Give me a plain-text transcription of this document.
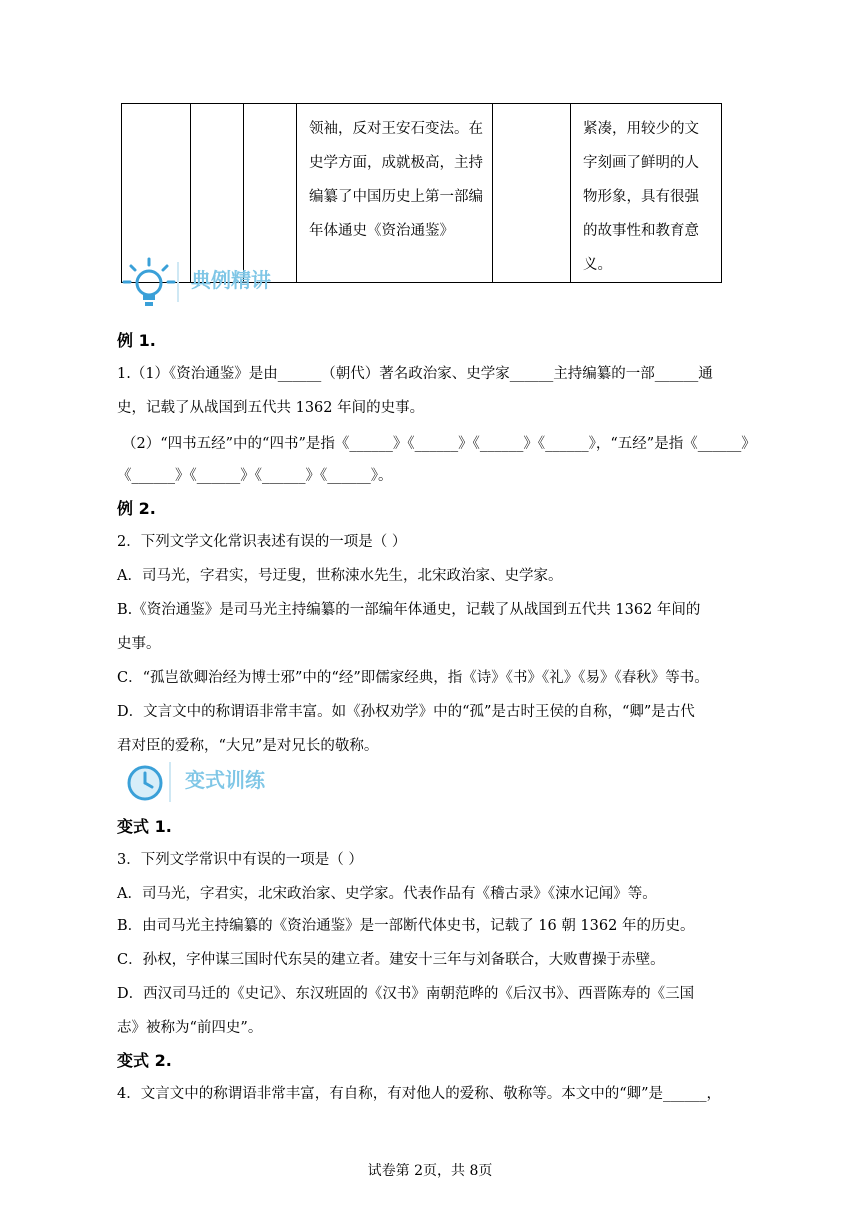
			领袖，反对王安石变法。在史学方面，成就极高，主持编纂了中国历史上第一部编年体通史《资治通鉴》		紧凑，用较少的文字刻画了鲜明的人物形象，具有很强的故事性和教育意义。
典例精讲
例 1.
1.（1）《资治通鉴》是由______（朝代）著名政治家、史学家______主持编纂的一部______通
史，记载了从战国到五代共 1362 年间的史事。
（2）“四书五经”中的“四书”是指《______》《______》《______》《______》，“五经”是指《______》
《______》《______》《______》《______》。
例 2.
2．下列文学文化常识表述有误的一项是（ ）
A．司马光，字君实，号迂叟，世称涑水先生，北宋政治家、史学家。
B.《资治通鉴》是司马光主持编纂的一部编年体通史，记载了从战国到五代共 1362 年间的
史事。
C．“孤岂欲卿治经为博士邪”中的“经”即儒家经典，指《诗》《书》《礼》《易》《春秋》等书。
D．文言文中的称谓语非常丰富。如《孙权劝学》中的“孤”是古时王侯的自称，“卿”是古代
君对臣的爱称，“大兄”是对兄长的敬称。
变式训练
变式 1.
3．下列文学常识中有误的一项是（ ）
A．司马光，字君实，北宋政治家、史学家。代表作品有《稽古录》《涑水记闻》等。
B．由司马光主持编纂的《资治通鉴》是一部断代体史书，记载了 16 朝 1362 年的历史。
C．孙权，字仲谋三国时代东吴的建立者。建安十三年与刘备联合，大败曹操于赤壁。
D．西汉司马迁的《史记》、东汉班固的《汉书》南朝范晔的《后汉书》、西晋陈寿的《三国
志》被称为“前四史”。
变式 2.
4．文言文中的称谓语非常丰富，有自称，有对他人的爱称、敬称等。本文中的“卿”是______，
试卷第 2页，共 8页
